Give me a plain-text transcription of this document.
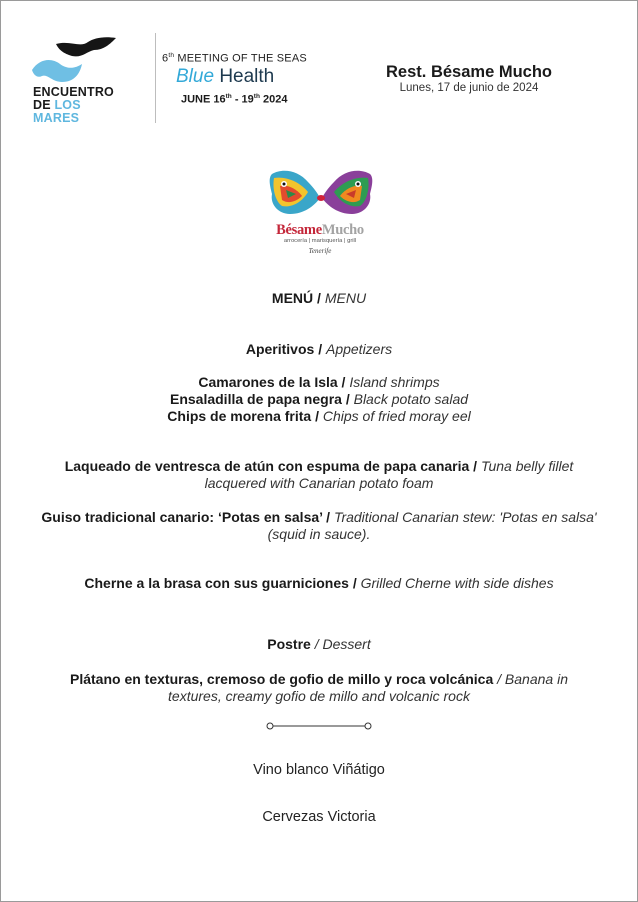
ENCUENTRO
DE LOS
MARES
6th MEETING OF THE SEAS
Blue Health
JUNE 16th - 19th 2024
Rest. Bésame Mucho
Lunes, 17 de junio de 2024
BésameMucho
arrocería | marisquería | grill
Tenerife
MENÚ / MENU
Aperitivos / Appetizers
Camarones de la Isla / Island shrimps
Ensaladilla de papa negra / Black potato salad
Chips de morena frita / Chips of fried moray eel
Laqueado de ventresca de atún con espuma de papa canaria / Tuna belly fillet
lacquered with Canarian potato foam
Guiso tradicional canario: ‘Potas en salsa’ / Traditional Canarian stew: 'Potas en salsa'
(squid in sauce).
Cherne a la brasa con sus guarniciones / Grilled Cherne with side dishes
Postre / Dessert
Plátano en texturas, cremoso de gofio de millo y roca volcánica / Banana in
textures, creamy gofio de millo and volcanic rock
Vino blanco Viñátigo
Cervezas Victoria
